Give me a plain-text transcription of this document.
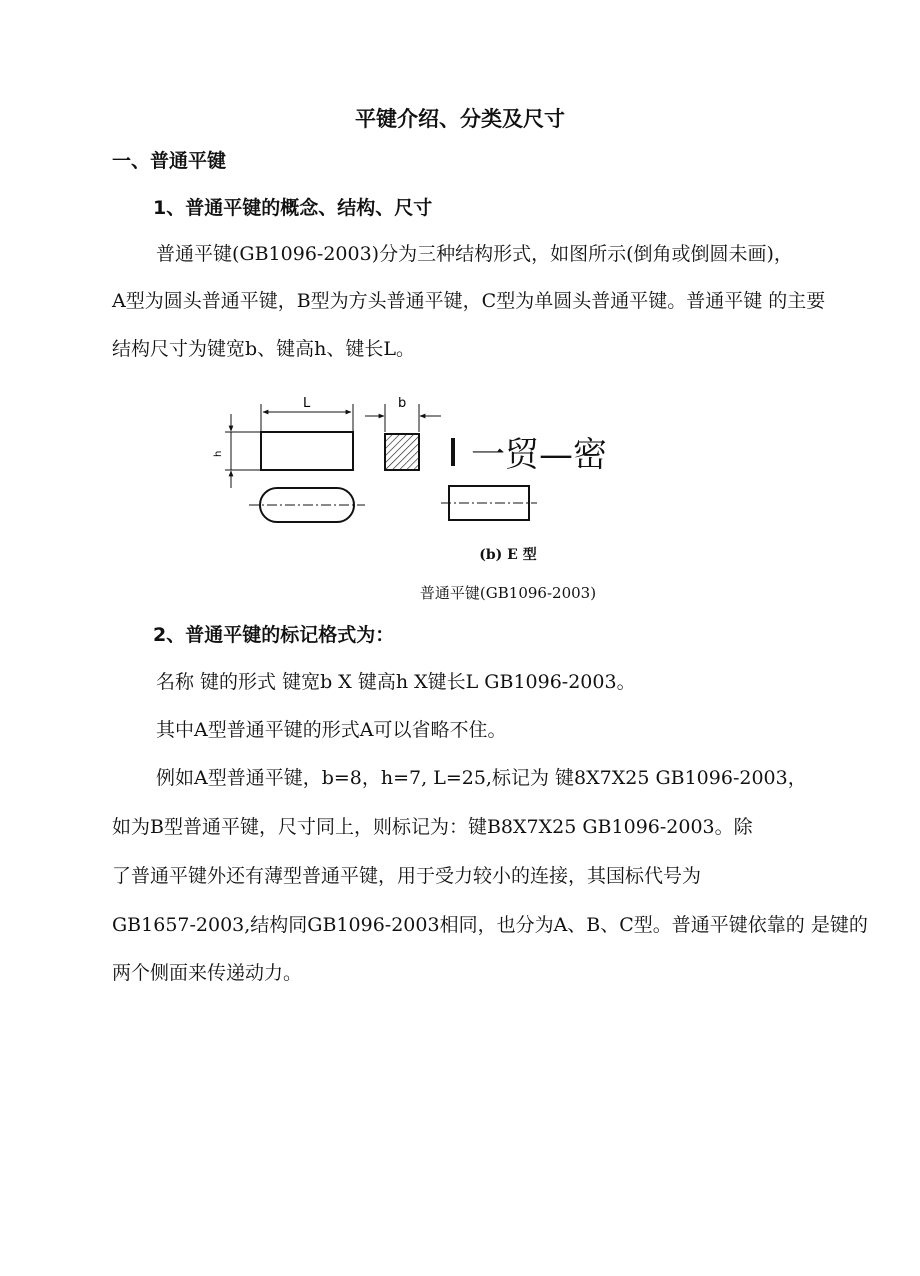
平键介绍、分类及尺寸
一、普通平键
1、普通平键的概念、结构、尺寸
普通平键(GB1096-2003)分为三种结构形式，如图所示(倒角或倒圆未画)，
A型为圆头普通平键，B型为方头普通平键，C型为单圆头普通平键。普通平键 的主要
结构尺寸为键宽b、键高h、键长L。
L
h
b
一贸—密
(b) E 型
普通平键(GB1096-2003)
2、普通平键的标记格式为：
名称 键的形式 键宽b X 键高h X键长L GB1096-2003。
其中A型普通平键的形式A可以省略不住。
例如A型普通平键，b=8，h=7, L=25,标记为 键8X7X25 GB1096-2003，
如为B型普通平键，尺寸同上，则标记为：键B8X7X25 GB1096-2003。除
了普通平键外还有薄型普通平键，用于受力较小的连接，其国标代号为
GB1657-2003,结构同GB1096-2003相同，也分为A、B、C型。普通平键依靠的 是键的
两个侧面来传递动力。
